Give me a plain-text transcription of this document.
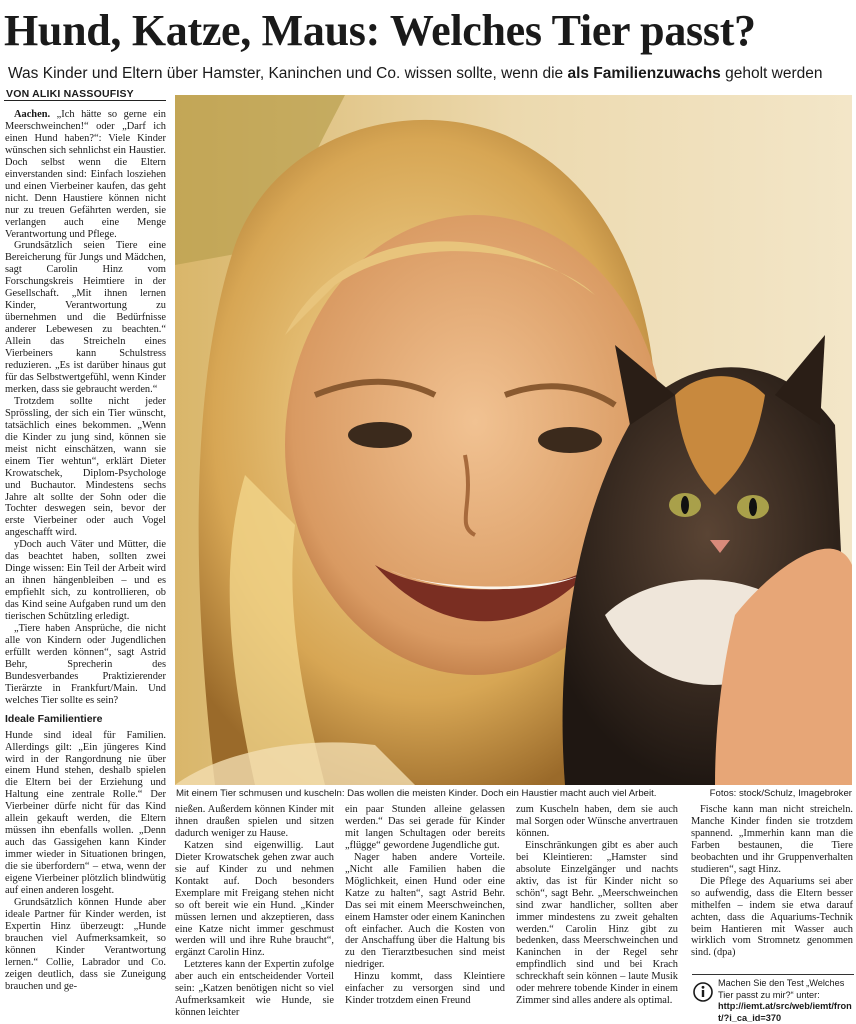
Hund, Katze, Maus: Welches Tier passt?
Was Kinder und Eltern über Hamster, Kaninchen und Co. wissen sollte, wenn die als Familienzuwachs geholt werden
VON ALIKI NASSOUFISY

Aachen. „Ich hätte so gerne ein Meerschweinchen!“ oder „Darf ich einen Hund haben?“: Viele Kinder wünschen sich sehnlichst ein Haustier. Doch selbst wenn die Eltern einverstanden sind: Einfach losziehen und einen Vierbeiner kaufen, das geht nicht. Denn Haustiere können nicht nur zu treuen Gefährten werden, sie verlangen auch eine Menge Verantwortung und Pflege.

Grundsätzlich seien Tiere eine Bereicherung für Jungs und Mädchen, sagt Carolin Hinz vom Forschungskreis Heimtiere in der Gesellschaft. „Mit ihnen lernen Kinder, Verantwortung zu übernehmen und die Bedürfnisse anderer Lebewesen zu beachten.“ Allein das Streicheln eines Vierbeiners kann Schulstress reduzieren. „Es ist darüber hinaus gut für das Selbstwertgefühl, wenn Kinder merken, dass sie gebraucht werden.“

Trotzdem sollte nicht jeder Sprössling, der sich ein Tier wünscht, tatsächlich eines bekommen. „Wenn die Kinder zu jung sind, können sie meist nicht einschätzen, wann sie einem Tier wehtun“, erklärt Dieter Krowatschek, Diplom-Psychologe und Buchautor. Mindestens sechs Jahre alt sollte der Sohn oder die Tochter deswegen sein, bevor der erste Vierbeiner oder auch Vogel angeschafft wird.

yDoch auch Väter und Mütter, die das beachtet haben, sollten zwei Dinge wissen: Ein Teil der Arbeit wird an ihnen hängenbleiben – und es empfiehlt sich, zu kontrollieren, ob das Kind seine Aufgaben rund um den tierischen Schützling erledigt.

„Tiere haben Ansprüche, die nicht alle von Kindern oder Jugendlichen erfüllt werden können“, sagt Astrid Behr, Sprecherin des Bundesverbandes Praktizierender Tierärzte in Frankfurt/Main. Und welches Tier sollte es sein?

Ideale Familientiere

Hunde sind ideal für Familien. Allerdings gilt: „Ein jüngeres Kind wird in der Rangordnung nie über einem Hund stehen, deshalb spielen die Eltern bei der Erziehung und Haltung eine zentrale Rolle.“ Der Vierbeiner dürfe nicht für das Kind allein gekauft werden, die Eltern müssen ihn ebenfalls wollen. „Denn auch das Gassigehen kann Kinder immer wieder in Situationen bringen, die sie überfordern“ – etwa, wenn der eigene Vierbeiner plötzlich blindwütig auf einen anderen losgeht.

Grundsätzlich können Hunde aber ideale Partner für Kinder werden, ist Expertin Hinz überzeugt: „Hunde brauchen viel Aufmerksamkeit, so können Kinder Verantwortung lernen.“ Collie, Labrador und Co. zeigen deutlich, dass sie Zuneigung brauchen und ge-

Mit einem Tier schmusen und kuscheln: Das wollen die meisten Kinder. Doch ein Haustier macht auch viel Arbeit.	Fotos: stock/Schulz, Imagebroker

nießen. Außerdem können Kinder mit ihnen draußen spielen und sitzen dadurch weniger zu Hause.

Katzen sind eigenwillig. Laut Dieter Krowatschek gehen zwar auch sie auf Kinder zu und nehmen Kontakt auf. Doch besonders Exemplare mit Freigang stehen nicht so oft bereit wie ein Hund. „Kinder müssen lernen und akzeptieren, dass eine Katze nicht immer geschmust werden will und ihre Ruhe braucht“, ergänzt Carolin Hinz.

Letzteres kann der Expertin zufolge aber auch ein entscheidender Vorteil sein: „Katzen benötigen nicht so viel Aufmerksamkeit wie Hunde, sie können leichter

ein paar Stunden alleine gelassen werden.“ Das sei gerade für Kinder mit langen Schultagen oder bereits „flügge“ gewordene Jugendliche gut.

Nager haben andere Vorteile. „Nicht alle Familien haben die Möglichkeit, einen Hund oder eine Katze zu halten“, sagt Astrid Behr. Das sei mit einem Meerschweinchen, einem Hamster oder einem Kaninchen oft einfacher. Auch die Kosten von der Anschaffung über die Haltung bis zu den Tierarztbesuchen sind meist niedriger.

Hinzu kommt, dass Kleintiere einfacher zu versorgen sind und Kinder trotzdem einen Freund

zum Kuscheln haben, dem sie auch mal Sorgen oder Wünsche anvertrauen können.

Einschränkungen gibt es aber auch bei Kleintieren: „Hamster sind absolute Einzelgänger und nachts aktiv, das ist für Kinder nicht so schön“, sagt Behr. „Meerschweinchen sind zwar handlicher, sollten aber immer mindestens zu zweit gehalten werden.“ Carolin Hinz gibt zu bedenken, dass Meerschweinchen und Kaninchen in der Regel sehr empfindlich sind und bei Krach schreckhaft sein können – laute Musik oder mehrere tobende Kinder in einem Zimmer sind alles andere als optimal.

Fische kann man nicht streicheln. Manche Kinder finden sie trotzdem spannend. „Immerhin kann man die Farben bestaunen, die Tiere beobachten und ihr Gruppenverhalten studieren“, sagt Hinz.

Die Pflege des Aquariums sei aber so aufwendig, dass die Eltern besser mithelfen – indem sie etwa darauf achten, dass die Aquariums-Technik beim Hantieren mit Wasser auch wirklich vom Stromnetz genommen sind. (dpa)

Machen Sie den Test „Welches Tier passt zu mir?“ unter:
http://iemt.at/src/web/iemt/front/?i_ca_id=370
